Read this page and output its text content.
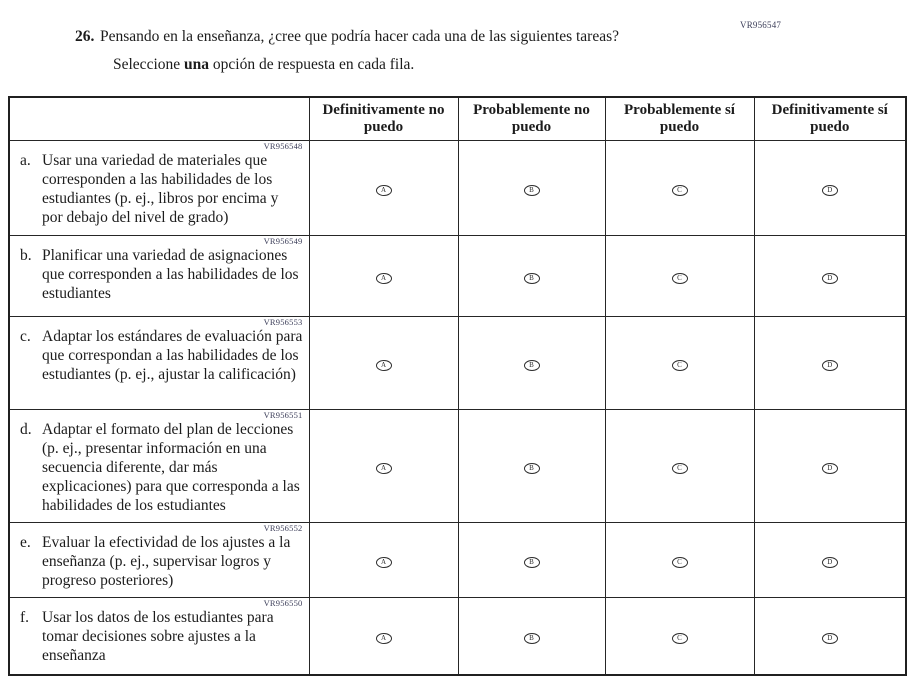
VR956547
26. Pensando en la enseñanza, ¿cree que podría hacer cada una de las siguientes tareas?
Seleccione una opción de respuesta en cada fila.
	Definitivamente no puedo	Probablemente no puedo	Probablemente sí puedo	Definitivamente sí puedo

VR956548
a. Usar una variedad de materiales que corresponden a las habilidades de los estudiantes (p. ej., libros por encima y por debajo del nivel de grado)	A	B	C	D

VR956549
b. Planificar una variedad de asignaciones que corresponden a las habilidades de los estudiantes	A	B	C	D

VR956553
c. Adaptar los estándares de evaluación para que correspondan a las habilidades de los estudiantes (p. ej., ajustar la calificación)	A	B	C	D

VR956551
d. Adaptar el formato del plan de lecciones (p. ej., presentar información en una secuencia diferente, dar más explicaciones) para que corresponda a las habilidades de los estudiantes	A	B	C	D

VR956552
e. Evaluar la efectividad de los ajustes a la enseñanza (p. ej., supervisar logros y progreso posteriores)	A	B	C	D

VR956550
f. Usar los datos de los estudiantes para tomar decisiones sobre ajustes a la enseñanza	A	B	C	D
